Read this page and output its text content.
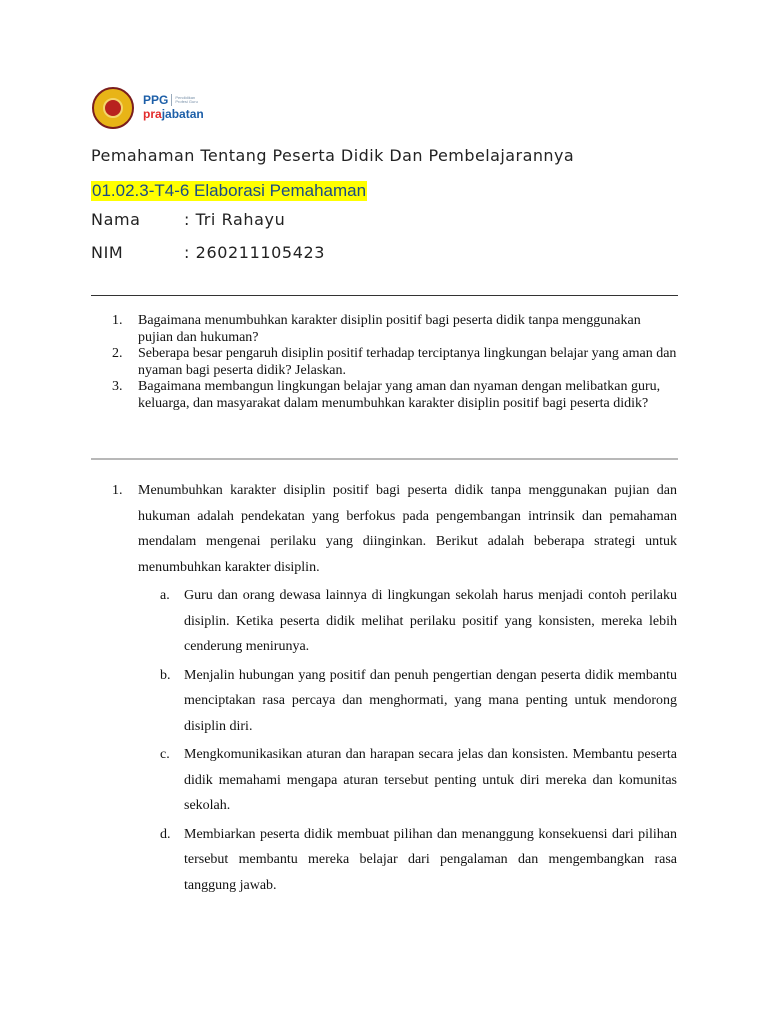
PPG Pendidikan Profesi Guru
prajabatan
Pemahaman Tentang Peserta Didik Dan Pembelajarannya
01.02.3-T4-6 Elaborasi Pemahaman
Nama	: Tri Rahayu
NIM	: 260211105423
1.	Bagaimana menumbuhkan karakter disiplin positif bagi peserta didik tanpa menggunakan pujian dan hukuman?
2.	Seberapa besar pengaruh disiplin positif terhadap terciptanya lingkungan belajar yang aman dan nyaman bagi peserta didik? Jelaskan.
3.	Bagaimana membangun lingkungan belajar yang aman dan nyaman dengan melibatkan guru, keluarga, dan masyarakat dalam menumbuhkan karakter disiplin positif bagi peserta didik?
1.	Menumbuhkan karakter disiplin positif bagi peserta didik tanpa menggunakan pujian dan hukuman adalah pendekatan yang berfokus pada pengembangan intrinsik dan pemahaman mendalam mengenai perilaku yang diinginkan. Berikut adalah beberapa strategi untuk menumbuhkan karakter disiplin.
a.	Guru dan orang dewasa lainnya di lingkungan sekolah harus menjadi contoh perilaku disiplin. Ketika peserta didik melihat perilaku positif yang konsisten, mereka lebih cenderung menirunya.
b. Menjalin hubungan yang positif dan penuh pengertian dengan peserta didik membantu menciptakan rasa percaya dan menghormati, yang mana penting untuk mendorong disiplin diri.
c.	Mengkomunikasikan aturan dan harapan secara jelas dan konsisten. Membantu peserta didik memahami mengapa aturan tersebut penting untuk diri mereka dan komunitas sekolah.
d. Membiarkan peserta didik membuat pilihan dan menanggung konsekuensi dari pilihan tersebut membantu mereka belajar dari pengalaman dan mengembangkan rasa tanggung jawab.
